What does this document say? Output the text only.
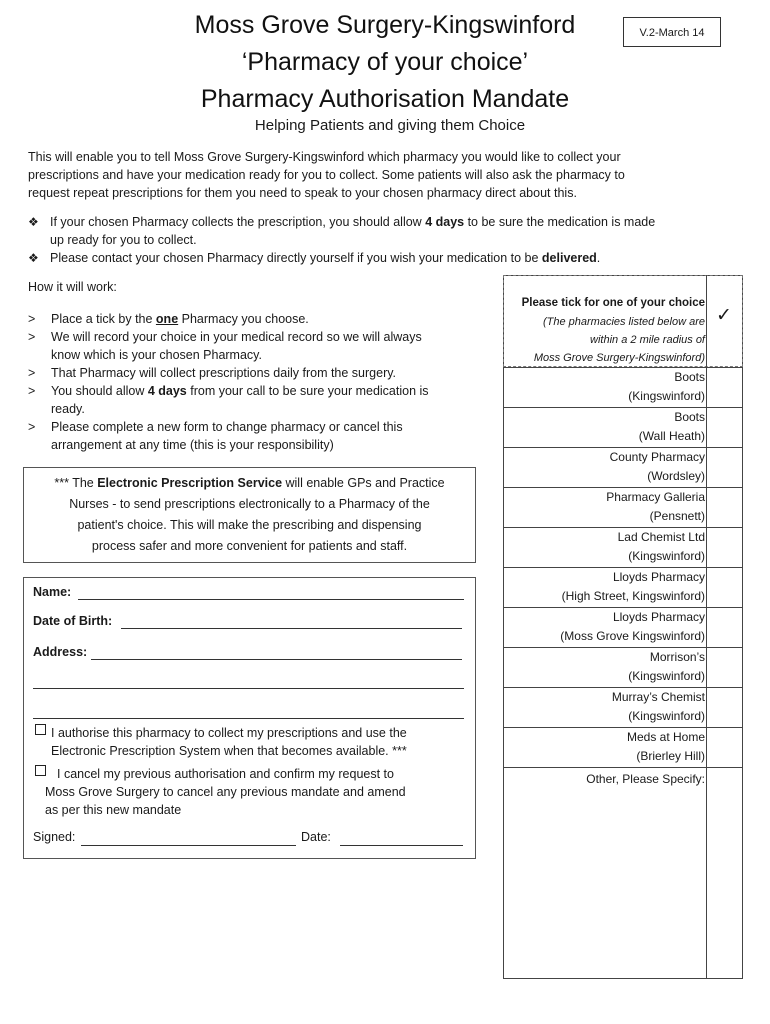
Moss Grove Surgery-Kingswinford
‘Pharmacy of your choice’
Pharmacy Authorisation Mandate
V.2-March 14
Helping Patients and giving them Choice
This will enable you to tell Moss Grove Surgery-Kingswinford which pharmacy you would like to collect your
prescriptions and have your medication ready for you to collect. Some patients will also ask the pharmacy to
request repeat prescriptions for them you need to speak to your chosen pharmacy direct about this.
❖ If your chosen Pharmacy collects the prescription, you should allow 4 days to be sure the medication is made
up ready for you to collect.
❖ Please contact your chosen Pharmacy directly yourself if you wish your medication to be delivered.
How it will work:
> Place a tick by the one Pharmacy you choose.
> We will record your choice in your medical record so we will always
know which is your chosen Pharmacy.
> That Pharmacy will collect prescriptions daily from the surgery.
> You should allow 4 days from your call to be sure your medication is
ready.
> Please complete a new form to change pharmacy or cancel this
arrangement at any time (this is your responsibility)
*** The Electronic Prescription Service will enable GPs and Practice
Nurses - to send prescriptions electronically to a Pharmacy of the
patient's choice. This will make the prescribing and dispensing
process safer and more convenient for patients and staff.
Name:
Date of Birth:
Address:
I authorise this pharmacy to collect my prescriptions and use the
Electronic Prescription System when that becomes available. ***
I cancel my previous authorisation and confirm my request to
Moss Grove Surgery to cancel any previous mandate and amend
as per this new mandate
Signed:	Date:
Please tick for one of your choice
(The pharmacies listed below are
within a 2 mile radius of
Moss Grove Surgery-Kingswinford)
✓
Boots
(Kingswinford)
Boots
(Wall Heath)
County Pharmacy
(Wordsley)
Pharmacy Galleria
(Pensnett)
Lad Chemist Ltd
(Kingswinford)
Lloyds Pharmacy
(High Street, Kingswinford)
Lloyds Pharmacy
(Moss Grove Kingswinford)
Morrison’s
(Kingswinford)
Murray’s Chemist
(Kingswinford)
Meds at Home
(Brierley Hill)
Other, Please Specify:
